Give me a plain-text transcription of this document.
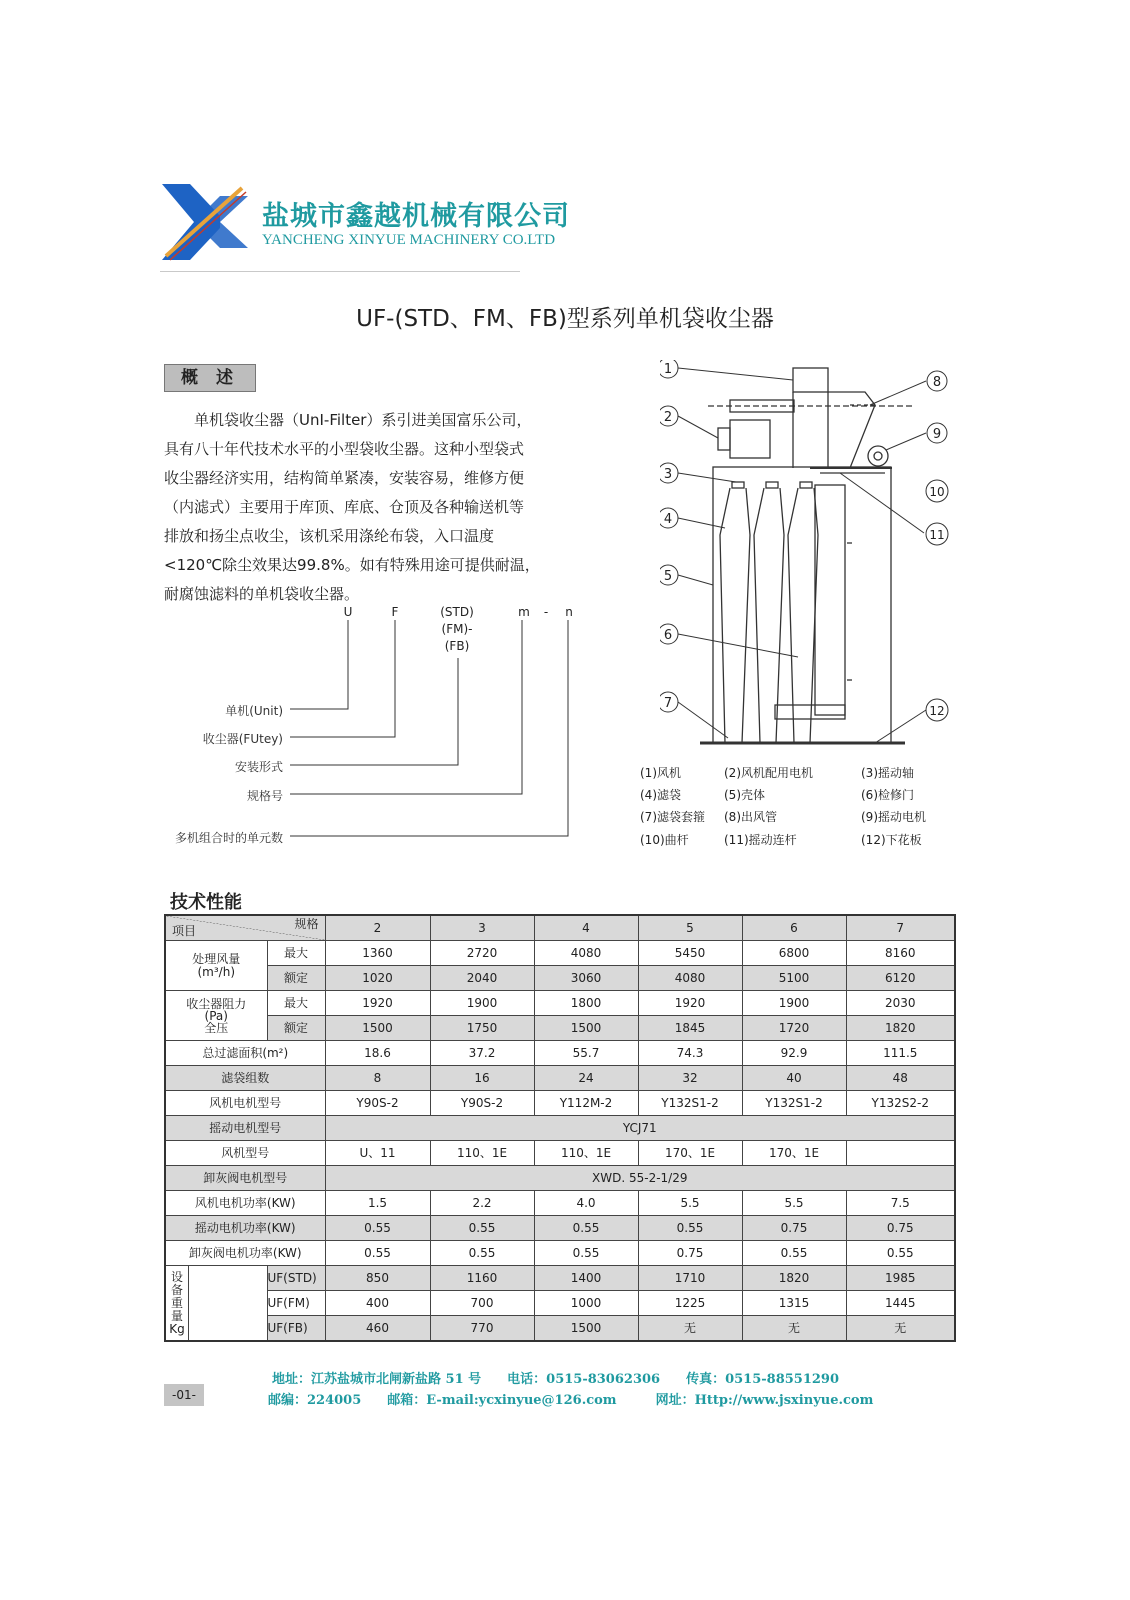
盐城市鑫越机械有限公司
YANCHENG XINYUE MACHINERY CO.LTD
UF-(STD、FM、FB)型系列单机袋收尘器
概 述

　　单机袋收尘器（UnI-Filter）系引进美国富乐公司，

具有八十年代技术水平的小型袋收尘器。这种小型袋式

收尘器经济实用，结构简单紧凑，安装容易，维修方便

（内滤式）主要用于库顶、库底、仓顶及各种输送机等

排放和扬尘点收尘，该机采用涤纶布袋，入口温度

<120℃除尘效果达99.8%。如有特殊用途可提供耐温，

耐腐蚀滤料的单机袋收尘器。

U	F	(STD)
(FM)-
(FB)
m	-	n
单机(Unit)
收尘器(FUtey)
安装形式
规格号
多机组合时的单元数
1
2
3
4
5
6
7
8
9
10
11
12
(1)风机	(2)风机配用电机	(3)摇动轴
(4)滤袋	(5)壳体	(6)检修门
(7)滤袋套箍 (8)出风管	(9)摇动电机
(10)曲杆	(11)摇动连杆	(12)下花板
技术性能
项目 规格		2	3	4	5	6	7
处理风量
(m³/h)	最大	1360	2720	4080	5450	6800	8160
	额定	1020	2040	3060	4080	5100	6120
收尘器阻力
(Pa)
全压	最大	1920	1900	1800	1920	1900	2030
	额定	1500	1750	1500	1845	1720	1820
总过滤面积(m²)		18.6	37.2	55.7	74.3	92.9	111.5
滤袋组数		8	16	24	32	40	48
风机电机型号		Y90S-2	Y90S-2	Y112M-2	Y132S1-2	Y132S1-2	Y132S2-2
摇动电机型号		YCJ71					
风机型号		U、11	110、1E	110、1E	170、1E	170、1E	
卸灰阀电机型号		XWD. 55-2-1/29					
风机电机功率(KW)		1.5	2.2	4.0	5.5	5.5	7.5
摇动电机功率(KW)		0.55	0.55	0.55	0.55	0.75	0.75
卸灰阀电机功率(KW)		0.55	0.55	0.55	0.75	0.55	0.55

设
备
重
量
Kg	UF(STD)	850	1160	1400	1710	1820	1985
	UF(FM)	400	700	1000	1225	1315	1445
	UF(FB)	460	770	1500	无	无	无
-01-
地址：江苏盐城市北闸新盐路 51 号　　电话：0515-83062306　　传真：0515-88551290
邮编：224005　　邮箱：E-mail:ycxinyue@126.com　　　网址：Http://www.jsxinyue.com
